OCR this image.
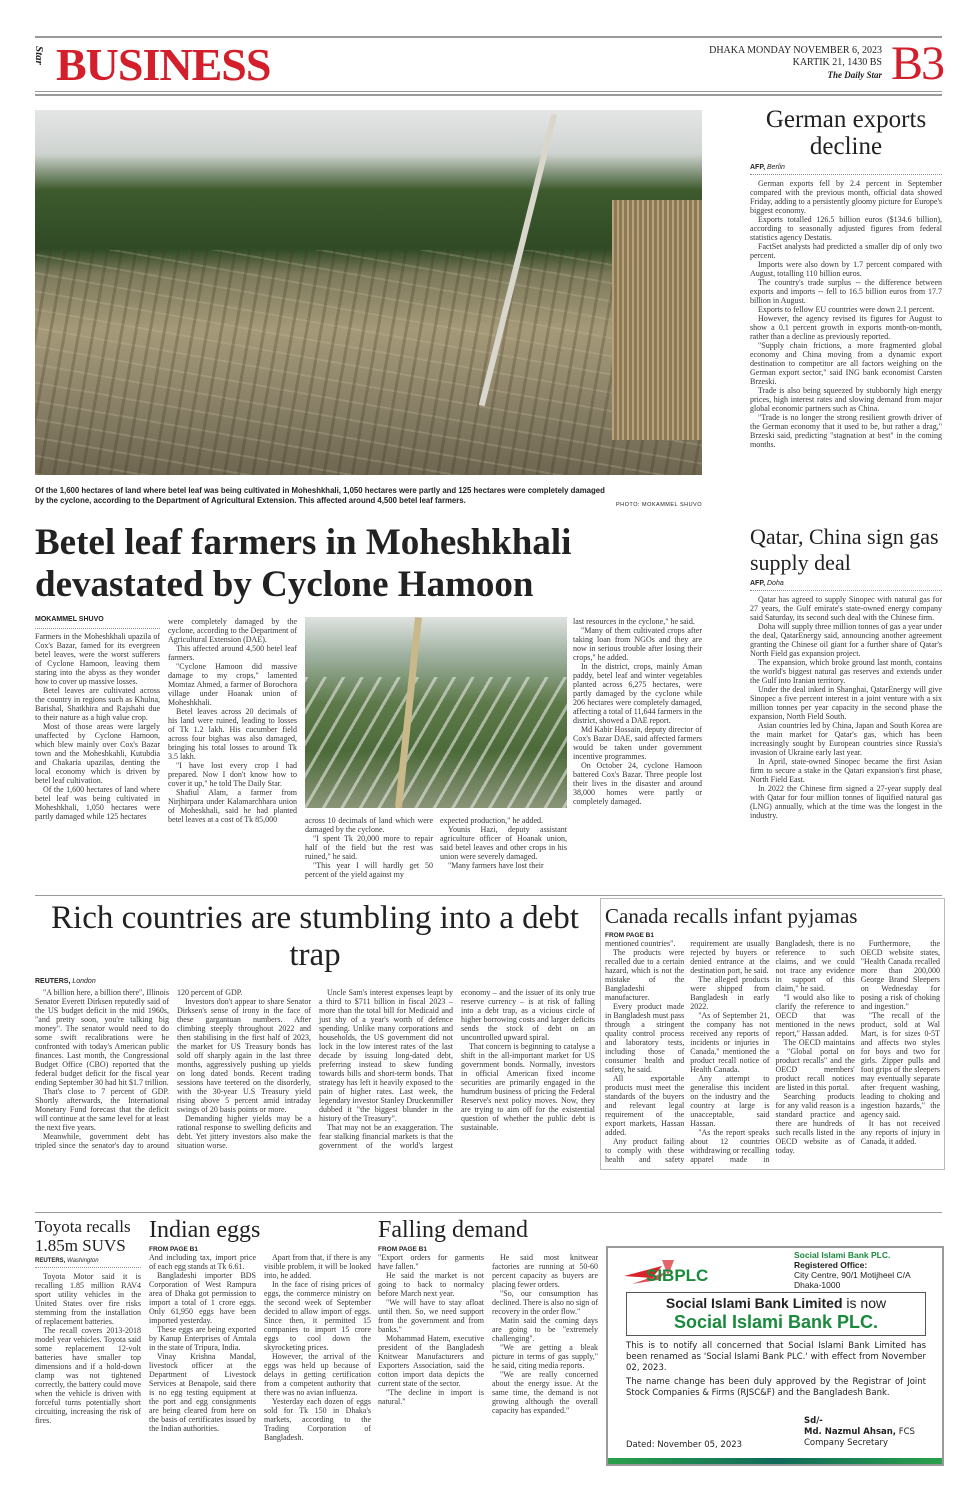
Star BUSINESS	DHAKA MONDAY NOVEMBER 6, 2023
KARTIK 21, 1430 BS
The Daily Star B3
Of the 1,600 hectares of land where betel leaf was being cultivated in Moheshkhali, 1,050 hectares were partly and 125 hectares were completely damaged by the cyclone, according to the Department of Agricultural Extension. This affected around 4,500 betel leaf farmers.	PHOTO: MOKAMMEL SHUVO
German exports decline
AFP, Berlin

German exports fell by 2.4 percent in September compared with the previous month, official data showed Friday, adding to a persistently gloomy picture for Europe's biggest economy.

Exports totalled 126.5 billion euros ($134.6 billion), according to seasonally adjusted figures from federal statistics agency Destatis.

FactSet analysts had predicted a smaller dip of only two percent.

Imports were also down by 1.7 percent compared with August, totalling 110 billion euros.

The country's trade surplus -- the difference between exports and imports -- fell to 16.5 billion euros from 17.7 billion in August.

Exports to fellow EU countries were down 2.1 percent.

However, the agency revised its figures for August to show a 0.1 percent growth in exports month-on-month, rather than a decline as previously reported.

"Supply chain frictions, a more fragmented global economy and China moving from a dynamic export destination to competitor are all factors weighing on the German export sector," said ING bank economist Carsten Brzeski.

Trade is also being squeezed by stubbornly high energy prices, high interest rates and slowing demand from major global economic partners such as China.

"Trade is no longer the strong resilient growth driver of the German economy that it used to be, but rather a drag," Brzeski said, predicting "stagnation at best" in the coming months.

Betel leaf farmers in Moheshkhali devastated by Cyclone Hamoon
MOKAMMEL SHUVO

Farmers in the Moheshkhali upazila of Cox's Bazar, famed for its evergreen betel leaves, were the worst sufferers of Cyclone Hamoon, leaving them staring into the abyss as they wonder how to cover up massive losses.

Betel leaves are cultivated across the country in regions such as Khulna, Barishal, Shatkhira and Rajshahi due to their nature as a high value crop.

Most of those areas were largely unaffected by Cyclone Hamoon, which blew mainly over Cox's Bazar town and the Moheshkahli, Kutubdia and Chakaria upazilas, denting the local economy which is driven by betel leaf cultivation.

Of the 1,600 hectares of land where betel leaf was being cultivated in Moheshkhali, 1,050 hectares were partly damaged while 125 hectares

were completely damaged by the cyclone, according to the Department of Agricultural Extension (DAE).

This affected around 4,500 betel leaf farmers.

"Cyclone Hamoon did massive damage to my crops," lamented Momtaz Ahmed, a farmer of Borochora village under Hoanak union of Moheshkhali.

Betel leaves across 20 decimals of his land were ruined, leading to losses of Tk 1.2 lakh. His cucumber field across four bighas was also damaged, bringing his total losses to around Tk 3.5 lakh.

"I have lost every crop I had prepared. Now I don't know how to cover it up," he told The Daily Star.

Shafiul Alam, a farmer from Nirjhirpara under Kalamarchhara union of Moheskhali, said he had planted betel leaves at a cost of Tk 85,000	across 10 decimals of land which were damaged by the cyclone.

"I spent Tk 20,000 more to repair half of the field but the rest was ruined," he said.

"This year I will hardly get 50 percent of the yield against my

expected production," he added.

Younis Hazi, deputy assistant agriculture officer of Hoanak union, said betel leaves and other crops in his union were severely damaged.

"Many farmers have lost their

last resources in the cyclone," he said.

"Many of them cultivated crops after taking loan from NGOs and they are now in serious trouble after losing their crops," he added.

In the district, crops, mainly Aman paddy, betel leaf and winter vegetables planted across 6,275 hectares, were partly damaged by the cyclone while 206 hectares were completely damaged, affecting a total of 11,644 farmers in the district, showed a DAE report.

Md Kabir Hossain, deputy director of Cox's Bazar DAE, said affected farmers would be taken under government incentive programmes.

On October 24, cyclone Hamoon battered Cox's Bazar. Three people lost their lives in the disaster and around 38,000 homes were partly or completely damaged.

Qatar, China sign gas supply deal
AFP, Doha

Qatar has agreed to supply Sinopec with natural gas for 27 years, the Gulf emirate's state-owned energy company said Saturday, its second such deal with the Chinese firm.

Doha will supply three million tonnes of gas a year under the deal, QatarEnergy said, announcing another agreement granting the Chinese oil giant for a further share of Qatar's North Field gas expansion project.

The expansion, which broke ground last month, contains the world's biggest natural gas reserves and extends under the Gulf into Iranian territory.

Under the deal inked in Shanghai, QatarEnergy will give Sinopec a five percent interest in a joint venture with a six million tonnes per year capacity in the second phase the expansion, North Field South.

Asian countries led by China, Japan and South Korea are the main market for Qatar's gas, which has been increasingly sought by European countries since Russia's invasion of Ukraine early last year.

In April, state-owned Sinopec became the first Asian firm to secure a stake in the Qatari expansion's first phase, North Field East.

In 2022 the Chinese firm signed a 27-year supply deal with Qatar for four million tonnes of liquified natural gas (LNG) annually, which at the time was the longest in the industry.

Rich countries are stumbling into a debt trap
REUTERS, London

"A billion here, a billion there", Illinois Senator Everett Dirksen reputedly said of the US budget deficit in the mid 1960s, "and pretty soon, you're talking big money". The senator would need to do some swift recalibrations were he confronted with today's American public finances. Last month, the Congressional Budget Office (CBO) reported that the federal budget deficit for the fiscal year ending September 30 had hit $1.7 trillion.

That's close to 7 percent of GDP. Shortly afterwards, the International Monetary Fund forecast that the deficit will continue at the same level for at least the next five years.

Meanwhile, government debt has tripled since the senator's day to around 120 percent of GDP.

Investors don't appear to share Senator Dirksen's sense of irony in the face of these gargantuan numbers. After climbing steeply throughout 2022 and then stabilising in the first half of 2023, the market for US Treasury bonds has sold off sharply again in the last three months, aggressively pushing up yields on long dated bonds. Recent trading sessions have teetered on the disorderly, with the 30-year U.S Treasury yield rising above 5 percent amid intraday swings of 20 basis points or more.

Demanding higher yields may be a rational response to swelling deficits and debt. Yet jittery investors also make the situation worse.

Uncle Sam's interest expenses leapt by a third to $711 billion in fiscal 2023 – more than the total bill for Medicaid and just shy of a year's worth of defence spending. Unlike many corporations and households, the US government did not lock in the low interest rates of the last decade by issuing long-dated debt, preferring instead to skew funding towards bills and short-term bonds. That strategy has left it heavily exposed to the pain of higher rates. Last week, the legendary investor Stanley Druckenmiller dubbed it "the biggest blunder in the history of the Treasury".

That may not be an exaggeration. The fear stalking financial markets is that the government of the world's largest economy – and the issuer of its only true reserve currency – is at risk of falling into a debt trap, as a vicious circle of higher borrowing costs and larger deficits sends the stock of debt on an uncontrolled upward spiral.

That concern is beginning to catalyse a shift in the all-important market for US government bonds. Normally, investors in official American fixed income securities are primarily engaged in the humdrum business of pricing the Federal Reserve's next policy moves. Now, they are trying to aim off for the existential question of whether the public debt is sustainable.

Canada recalls infant pyjamas
FROM PAGE B1

mentioned countries".

The products were recalled due to a certain hazard, which is not the mistake of the Bangladeshi manufacturer.

Every product made in Bangladesh must pass through a stringent quality control process and laboratory tests, including those of consumer health and safety, he said.

All exportable products must meet the standards of the buyers and relevant legal requirement of the export markets, Hassan added.

Any product failing to comply with these health and safety requirement are usually rejected by buyers or denied entrance at the destination port, he said.

The alleged products were shipped from Bangladesh in early 2022.

"As of September 21, the company has not received any reports of incidents or injuries in Canada," mentioned the product recall notice of Health Canada.

Any attempt to generalise this incident on the industry and the country at large is unacceptable, said Hassan.

"As the report speaks about 12 countries withdrawing or recalling apparel made in Bangladesh, there is no reference to such claims, and we could not trace any evidence in support of this claim," he said.

"I would also like to clarify the reference to OECD that was mentioned in the news report," Hassan added.

The OECD maintains a "Global portal on product recalls" and the OECD members' product recall notices are listed in this portal.

Searching products for any valid reason is a standard practice and there are hundreds of such recalls listed in the OECD website as of today.

Furthermore, the OECD website states, "Health Canada recalled more than 200,000 George Brand Sleepers on Wednesday for posing a risk of choking and ingestion."

"The recall of the product, sold at Wal Mart, is for sizes 0-5T and affects two styles for boys and two for girls. Zipper pulls and foot grips of the sleepers may eventually separate after frequent washing, leading to choking and ingestion hazards," the agency said.

It has not received any reports of injury in Canada, it added.

Toyota recalls 1.85m SUVS
REUTERS, Washington

Toyota Motor said it is recalling 1.85 million RAV4 sport utility vehicles in the United States over fire risks stemming from the installation of replacement batteries.

The recall covers 2013-2018 model year vehicles. Toyota said some replacement 12-volt batteries have smaller top dimensions and if a hold-down clamp was not tightened correctly, the battery could move when the vehicle is driven with forceful turns potentially short circuiting, increasing the risk of fires.

Indian eggs
FROM PAGE B1

And including tax, import price of each egg stands at Tk 6.61.

Bangladeshi importer BDS Corporation of West Rampura area of Dhaka got permission to import a total of 1 crore eggs. Only 61,950 eggs have been imported yesterday.

These eggs are being exported by Kanup Enterprises of Amtala in the state of Tripura, India.

Vinay Krishna Mandal, livestock officer at the Department of Livestock Services at Benapole, said there is no egg testing equipment at the port and egg consignments are being cleared from here on the basis of certificates issued by the Indian authorities.

Apart from that, if there is any visible problem, it will be looked into, he added.

In the face of rising prices of eggs, the commerce ministry on the second week of September decided to allow import of eggs. Since then, it permitted 15 companies to import 15 crore eggs to cool down the skyrocketing prices.

However, the arrival of the eggs was held up because of delays in getting certification from a competent authority that there was no avian influenza.

Yesterday each dozen of eggs sold for Tk 150 in Dhaka's markets, according to the Trading Corporation of Bangladesh.

Falling demand
FROM PAGE B1

"Export orders for garments have fallen."

He said the market is not going to back to normalcy before March next year.

"We will have to stay afloat until then. So, we need support from the government and from banks."

Mohammad Hatem, executive president of the Bangladesh Knitwear Manufacturers and Exporters Association, said the cotton import data depicts the current state of the sector.

"The decline in import is natural."

He said most knitwear factories are running at 50-60 percent capacity as buyers are placing fewer orders.

"So, our consumption has declined. There is also no sign of recovery in the order flow."

Matin said the coming days are going to be "extremely challenging".

"We are getting a bleak picture in terms of gas supply," he said, citing media reports.

"We are really concerned about the energy issue. At the same time, the demand is not growing although the overall capacity has expanded."

SIBPLC
Social Islami Bank PLC.
Registered Office:
City Centre, 90/1 Motijheel C/A
Dhaka-1000
Social Islami Bank Limited is now
Social Islami Bank PLC.

This is to notify all concerned that Social Islami Bank Limited has been renamed as 'Social Islami Bank PLC.' with effect from November 02, 2023.

The name change has been duly approved by the Registrar of Joint Stock Companies & Firms (RJSC&F) and the Bangladesh Bank.

Dated: November 05, 2023
Sd/-
Md. Nazmul Ahsan, FCS
Company Secretary
